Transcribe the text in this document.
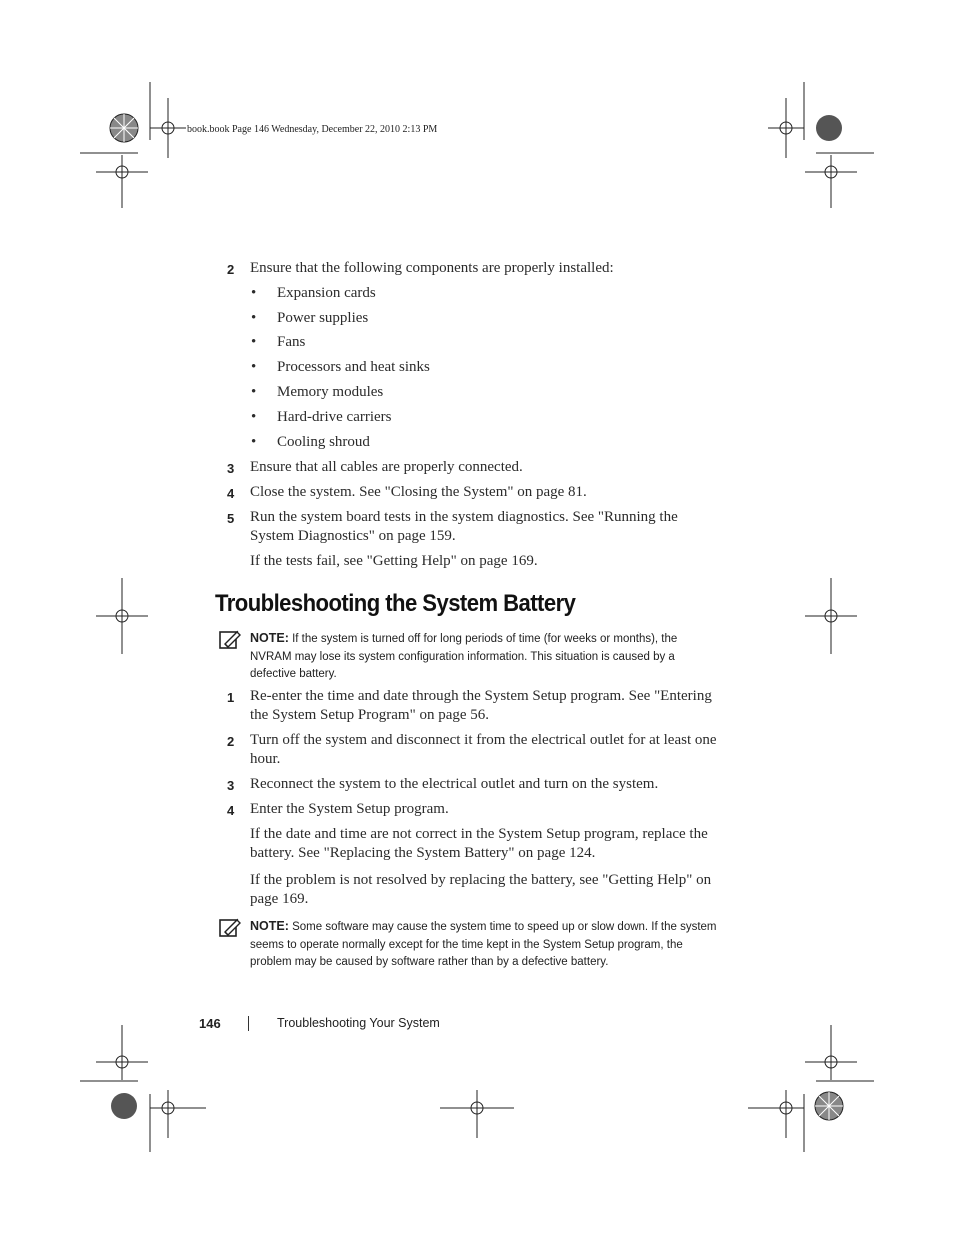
book.book Page 146 Wednesday, December 22, 2010 2:13 PM
2	Ensure that the following components are properly installed:
• Expansion cards
• Power supplies
• Fans
• Processors and heat sinks
• Memory modules
• Hard-drive carriers
• Cooling shroud
3	Ensure that all cables are properly connected.
4	Close the system. See "Closing the System" on page 81.
5	Run the system board tests in the system diagnostics. See "Running the System Diagnostics" on page 159.
If the tests fail, see "Getting Help" on page 169.
Troubleshooting the System Battery
NOTE: If the system is turned off for long periods of time (for weeks or months), the NVRAM may lose its system configuration information. This situation is caused by a defective battery.
1	Re-enter the time and date through the System Setup program. See "Entering the System Setup Program" on page 56.
2	Turn off the system and disconnect it from the electrical outlet for at least one hour.
3	Reconnect the system to the electrical outlet and turn on the system.
4	Enter the System Setup program.
If the date and time are not correct in the System Setup program, replace the battery. See "Replacing the System Battery" on page 124.
If the problem is not resolved by replacing the battery, see "Getting Help" on page 169.
NOTE: Some software may cause the system time to speed up or slow down. If the system seems to operate normally except for the time kept in the System Setup program, the problem may be caused by software rather than by a defective battery.
146	Troubleshooting Your System
